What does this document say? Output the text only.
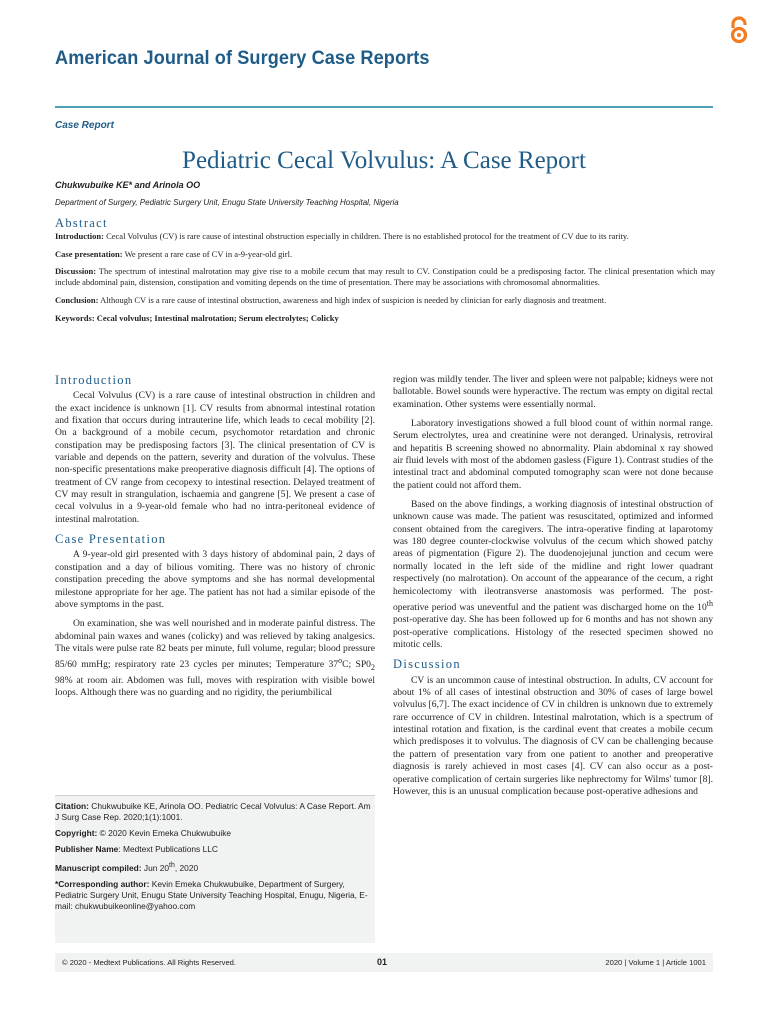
American Journal of Surgery Case Reports
Case Report
Pediatric Cecal Volvulus: A Case Report
Chukwubuike KE* and Arinola OO
Department of Surgery, Pediatric Surgery Unit, Enugu State University Teaching Hospital, Nigeria
Abstract

Introduction: Cecal Volvulus (CV) is rare cause of intestinal obstruction especially in children. There is no established protocol for the treatment of CV due to its rarity.

Case presentation: We present a rare case of CV in a-9-year-old girl.

Discussion: The spectrum of intestinal malrotation may give rise to a mobile cecum that may result to CV. Constipation could be a predisposing factor. The clinical presentation which may include abdominal pain, distension, constipation and vomiting depends on the time of presentation. There may be associations with chromosomal abnormalities.

Conclusion: Although CV is a rare cause of intestinal obstruction, awareness and high index of suspicion is needed by clinician for early diagnosis and treatment.

Keywords: Cecal volvulus; Intestinal malrotation; Serum electrolytes; Colicky

Introduction

Cecal Volvulus (CV) is a rare cause of intestinal obstruction in children and the exact incidence is unknown [1]. CV results from abnormal intestinal rotation and fixation that occurs during intrauterine life, which leads to cecal mobility [2]. On a background of a mobile cecum, psychomotor retardation and chronic constipation may be predisposing factors [3]. The clinical presentation of CV is variable and depends on the pattern, severity and duration of the volvulus. These non-specific presentations make preoperative diagnosis difficult [4]. The options of treatment of CV range from cecopexy to intestinal resection. Delayed treatment of CV may result in strangulation, ischaemia and gangrene [5]. We present a case of cecal volvulus in a 9-year-old female who had no intra-peritoneal evidence of intestinal malrotation.

Case Presentation

A 9-year-old girl presented with 3 days history of abdominal pain, 2 days of constipation and a day of bilious vomiting. There was no history of chronic constipation preceding the above symptoms and she has normal developmental milestone appropriate for her age. The patient has not had a similar episode of the above symptoms in the past.

On examination, she was well nourished and in moderate painful distress. The abdominal pain waxes and wanes (colicky) and was relieved by taking analgesics. The vitals were pulse rate 82 beats per minute, full volume, regular; blood pressure 85/60 mmHg; respiratory rate 23 cycles per minutes; Temperature 37$^o$C; $SP0_2$ 98% at room air. Abdomen was full, moves with respiration with visible bowel loops. Although there was no guarding and no rigidity, the periumbilical

region was mildly tender. The liver and spleen were not palpable; kidneys were not ballotable. Bowel sounds were hyperactive. The rectum was empty on digital rectal examination. Other systems were essentially normal.

Laboratory investigations showed a full blood count of within normal range. Serum electrolytes, urea and creatinine were not deranged. Urinalysis, retroviral and hepatitis B screening showed no abnormality. Plain abdominal x ray showed air fluid levels with most of the abdomen gasless (Figure 1). Contrast studies of the intestinal tract and abdominal computed tomography scan were not done because the patient could not afford them.

Based on the above findings, a working diagnosis of intestinal obstruction of unknown cause was made. The patient was resuscitated, optimized and informed consent obtained from the caregivers. The intra-operative finding at laparotomy was 180 degree counter-clockwise volvulus of the cecum which showed patchy areas of pigmentation (Figure 2). The duodenojejunal junction and cecum were normally located in the left side of the midline and right lower quadrant respectively (no malrotation). On account of the appearance of the cecum, a right hemicolectomy with ileotransverse anastomosis was performed. The post-operative period was uneventful and the patient was discharged home on the 10th post-operative day. She has been followed up for 6 months and has not shown any post-operative complications. Histology of the resected specimen showed no mitotic cells.

Discussion

CV is an uncommon cause of intestinal obstruction. In adults, CV account for about 1% of all cases of intestinal obstruction and 30% of cases of large bowel volvulus [6,7]. The exact incidence of CV in children is unknown due to extremely rare occurrence of CV in children. Intestinal malrotation, which is a spectrum of intestinal rotation and fixation, is the cardinal event that creates a mobile cecum which predisposes it to volvulus. The diagnosis of CV can be challenging because the pattern of presentation vary from one patient to another and preoperative diagnosis is rarely achieved in most cases [4]. CV can also occur as a post-operative complication of certain surgeries like nephrectomy for Wilms' tumor [8]. However, this is an unusual complication because post-operative adhesions and

Citation: Chukwubuike KE, Arinola OO. Pediatric Cecal Volvulus: A Case Report. Am J Surg Case Rep. 2020;1(1):1001.

Copyright: © 2020 Kevin Emeka Chukwubuike

Publisher Name: Medtext Publications LLC

Manuscript compiled: Jun 20th, 2020

*Corresponding author: Kevin Emeka Chukwubuike, Department of Surgery, Pediatric Surgery Unit, Enugu State University Teaching Hospital, Enugu, Nigeria, E-mail: chukwubuikeonline@yahoo.com

© 2020 - Medtext Publications. All Rights Reserved.	01	2020 | Volume 1 | Article 1001
